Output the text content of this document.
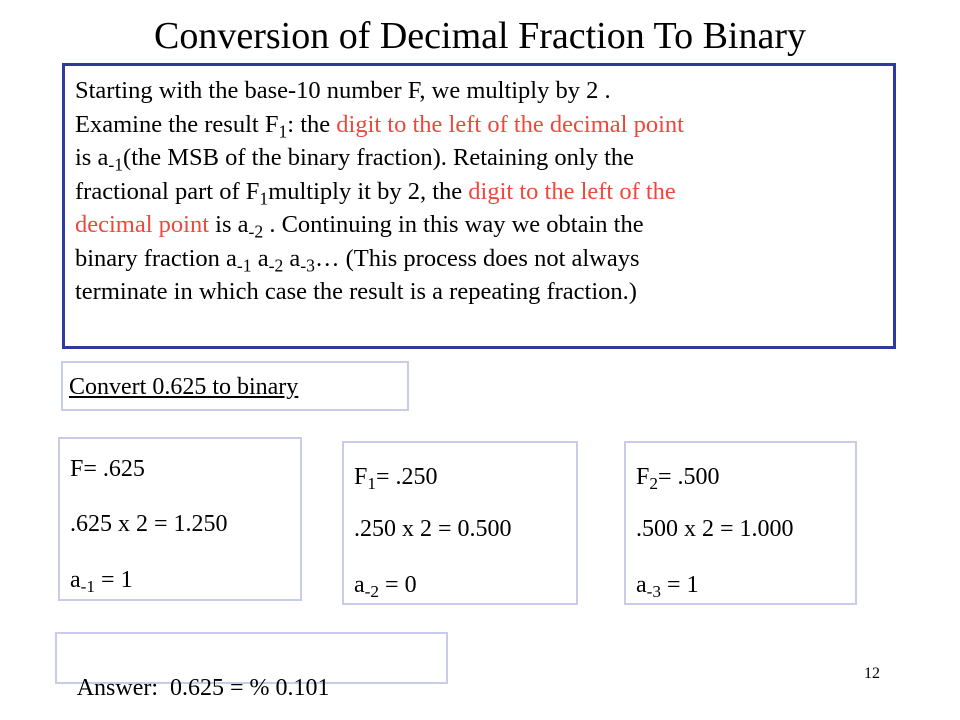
Conversion of Decimal Fraction To Binary
Starting with the base-10 number F, we multiply by 2 .
Examine the result $F_1$: the digit to the left of the decimal point
is $a_{-1}(the$ MSB of the binary fraction). Retaining only the
fractional part of $F_1multiply$ it by 2, the digit to the left of the
decimal point is $a_{-2}$ . Continuing in this way we obtain the
binary fraction $a_{-1}$ $a_{-2}$ $a_{-3}\dots$ (This process does not always
terminate in which case the result is a repeating fraction.)
Convert 0.625 to binary
F= .625
.625 x 2 = 1.250
$a_{-1} = 1$
$F_1= .250$
.250 x 2 = 0.500
$a_{-2} = 0$
$F_2= .500$
.500 x 2 = 1.000
$a_{-3} = 1$

Answer:  0.625 = % 0.101

12
